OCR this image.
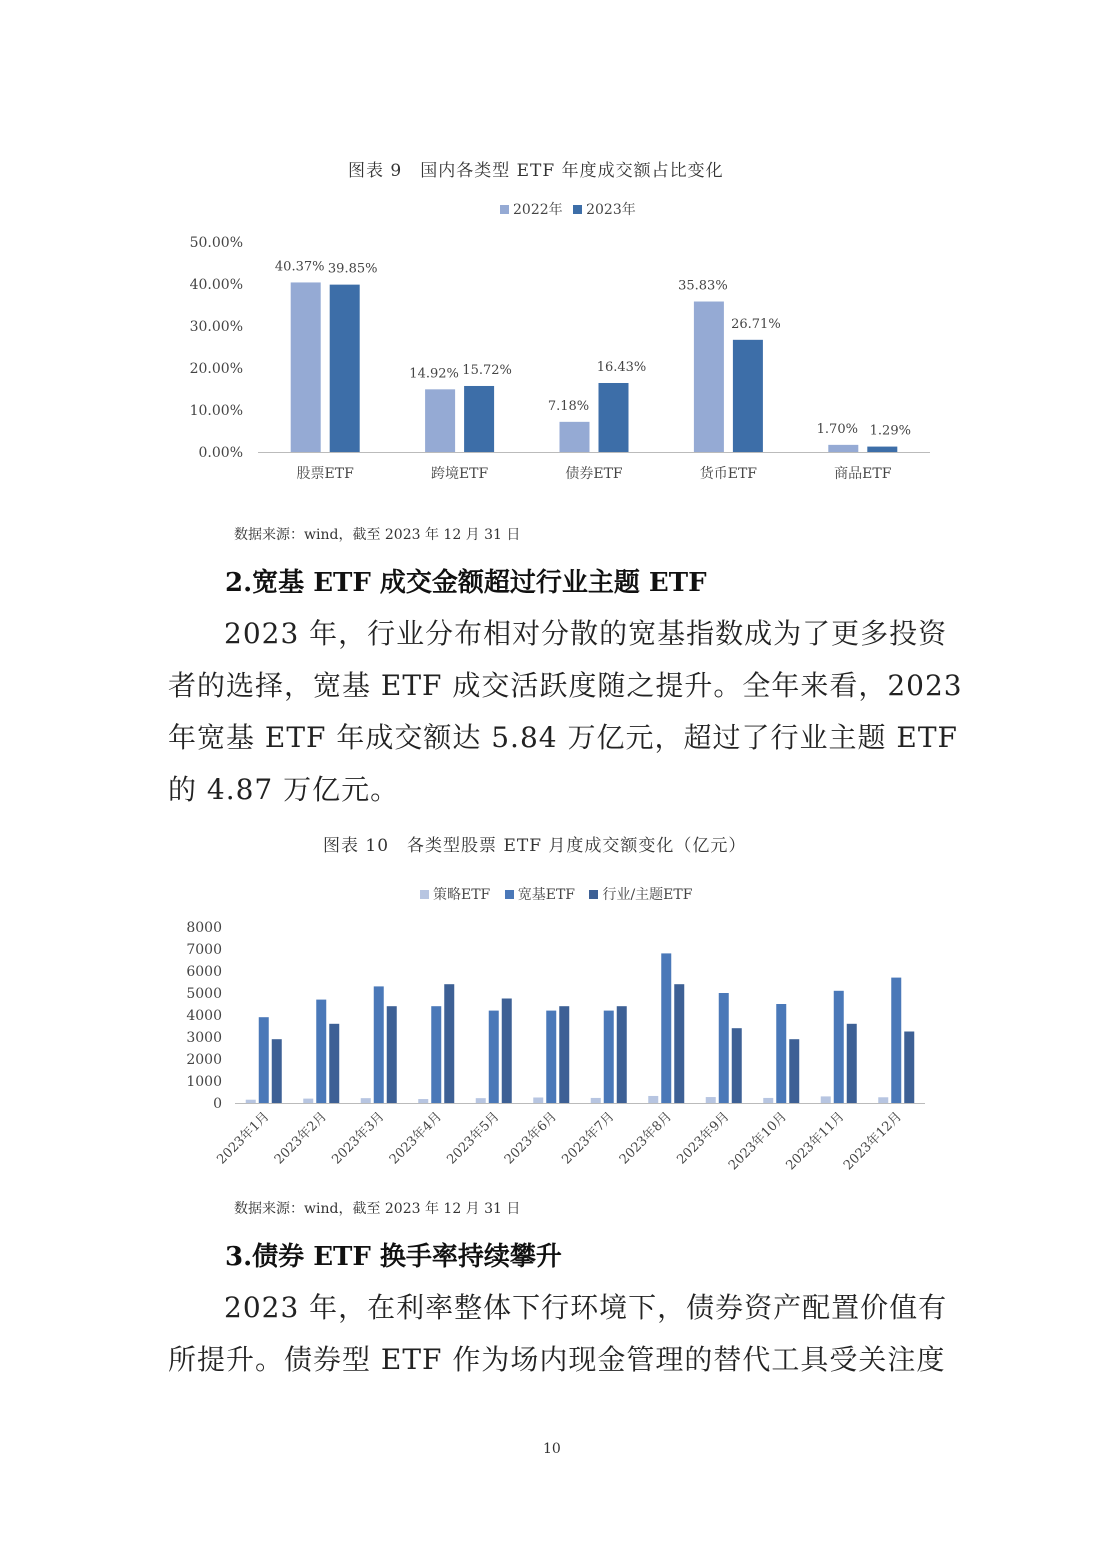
图表 9　国内各类型 ETF 年度成交额占比变化
2022年 2023年
0.00%
10.00%
20.00%
30.00%
40.00%
50.00%
40.37% 39.85%
股票ETF
14.92% 15.72%
跨境ETF
7.18%
16.43%
债券ETF
35.83%
26.71%
货币ETF
1.70% 1.29%
商品ETF
数据来源：wind，截至 2023 年 12 月 31 日
2.宽基 ETF 成交金额超过行业主题 ETF
2023 年，行业分布相对分散的宽基指数成为了更多投资
者的选择，宽基 ETF 成交活跃度随之提升。全年来看，2023
年宽基 ETF 年成交额达 5.84 万亿元，超过了行业主题 ETF
的 4.87 万亿元。
图表 10　各类型股票 ETF 月度成交额变化（亿元）
策略ETF 宽基ETF 行业/主题ETF
0
1000
2000
3000
4000
5000
6000
7000
8000
2023年1月 2023年2月 2023年3月 2023年4月 2023年5月 2023年6月 2023年7月 2023年8月 2023年9月
2023年10月
2023年11月
2023年12月
数据来源：wind，截至 2023 年 12 月 31 日
3.债券 ETF 换手率持续攀升
2023 年，在利率整体下行环境下，债券资产配置价值有
所提升。债券型 ETF 作为场内现金管理的替代工具受关注度
10
